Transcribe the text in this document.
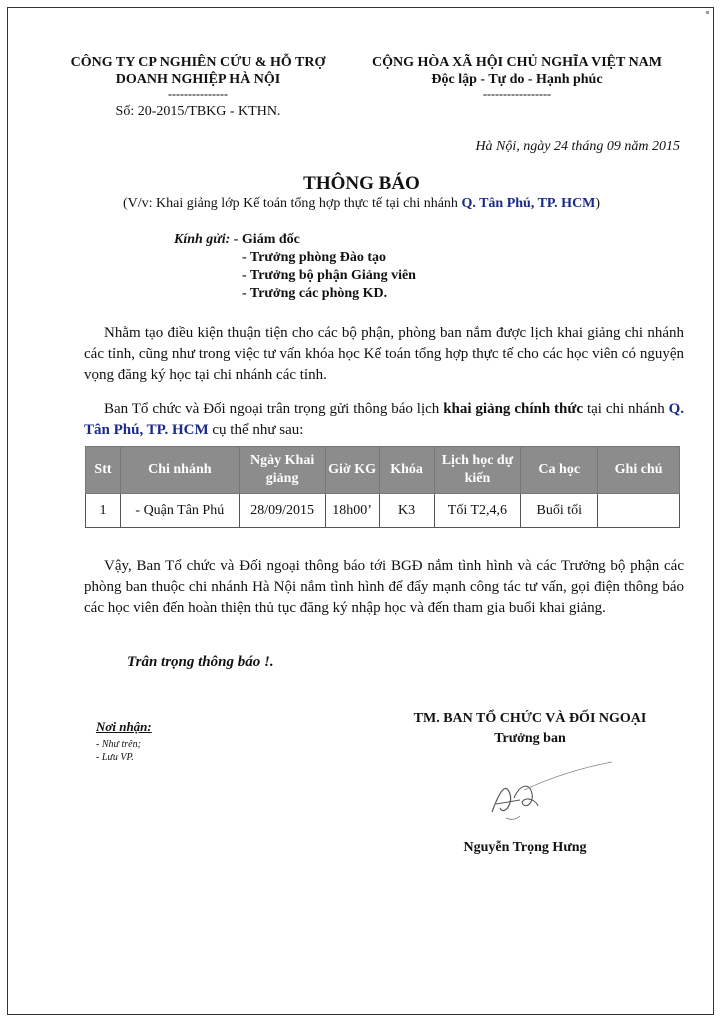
CÔNG TY CP NGHIÊN CỨU & HỖ TRỢ
DOANH NGHIỆP HÀ NỘI
---------------
Số: 20-2015/TBKG - KTHN.
CỘNG HÒA XÃ HỘI CHỦ NGHĨA VIỆT NAM
Độc lập - Tự do - Hạnh phúc
-----------------
Hà Nội, ngày 24 tháng 09 năm 2015
THÔNG BÁO
(V/v: Khai giảng lớp Kế toán tổng hợp thực tế tại chi nhánh Q. Tân Phú, TP. HCM)
Kính gửi: - Giám đốc
- Trưởng phòng Đào tạo
- Trưởng bộ phận Giảng viên
- Trưởng các phòng KD.
Nhằm tạo điều kiện thuận tiện cho các bộ phận, phòng ban nắm được lịch khai giảng chi nhánh các tỉnh, cũng như trong việc tư vấn khóa học Kế toán tổng hợp thực tế cho các học viên có nguyện vọng đăng ký học tại chi nhánh các tỉnh.
Ban Tổ chức và Đối ngoại trân trọng gửi thông báo lịch khai giảng chính thức tại chi nhánh Q. Tân Phú, TP. HCM cụ thể như sau:
Stt	Chi nhánh	Ngày Khai giảng	Giờ KG	Khóa	Lịch học dự kiến	Ca học	Ghi chú
1	- Quận Tân Phú	28/09/2015	18h00’	K3	Tối T2,4,6	Buổi tối	
Vậy, Ban Tổ chức và Đối ngoại thông báo tới BGĐ nắm tình hình và các Trưởng bộ phận các phòng ban thuộc chi nhánh Hà Nội nắm tình hình để đẩy mạnh công tác tư vấn, gọi điện thông báo các học viên đến hoàn thiện thủ tục đăng ký nhập học và đến tham gia buổi khai giảng.
Trân trọng thông báo !.
Nơi nhận:
- Như trên;
- Lưu VP.
TM. BAN TỔ CHỨC VÀ ĐỐI NGOẠI
Trưởng ban
Nguyễn Trọng Hưng
